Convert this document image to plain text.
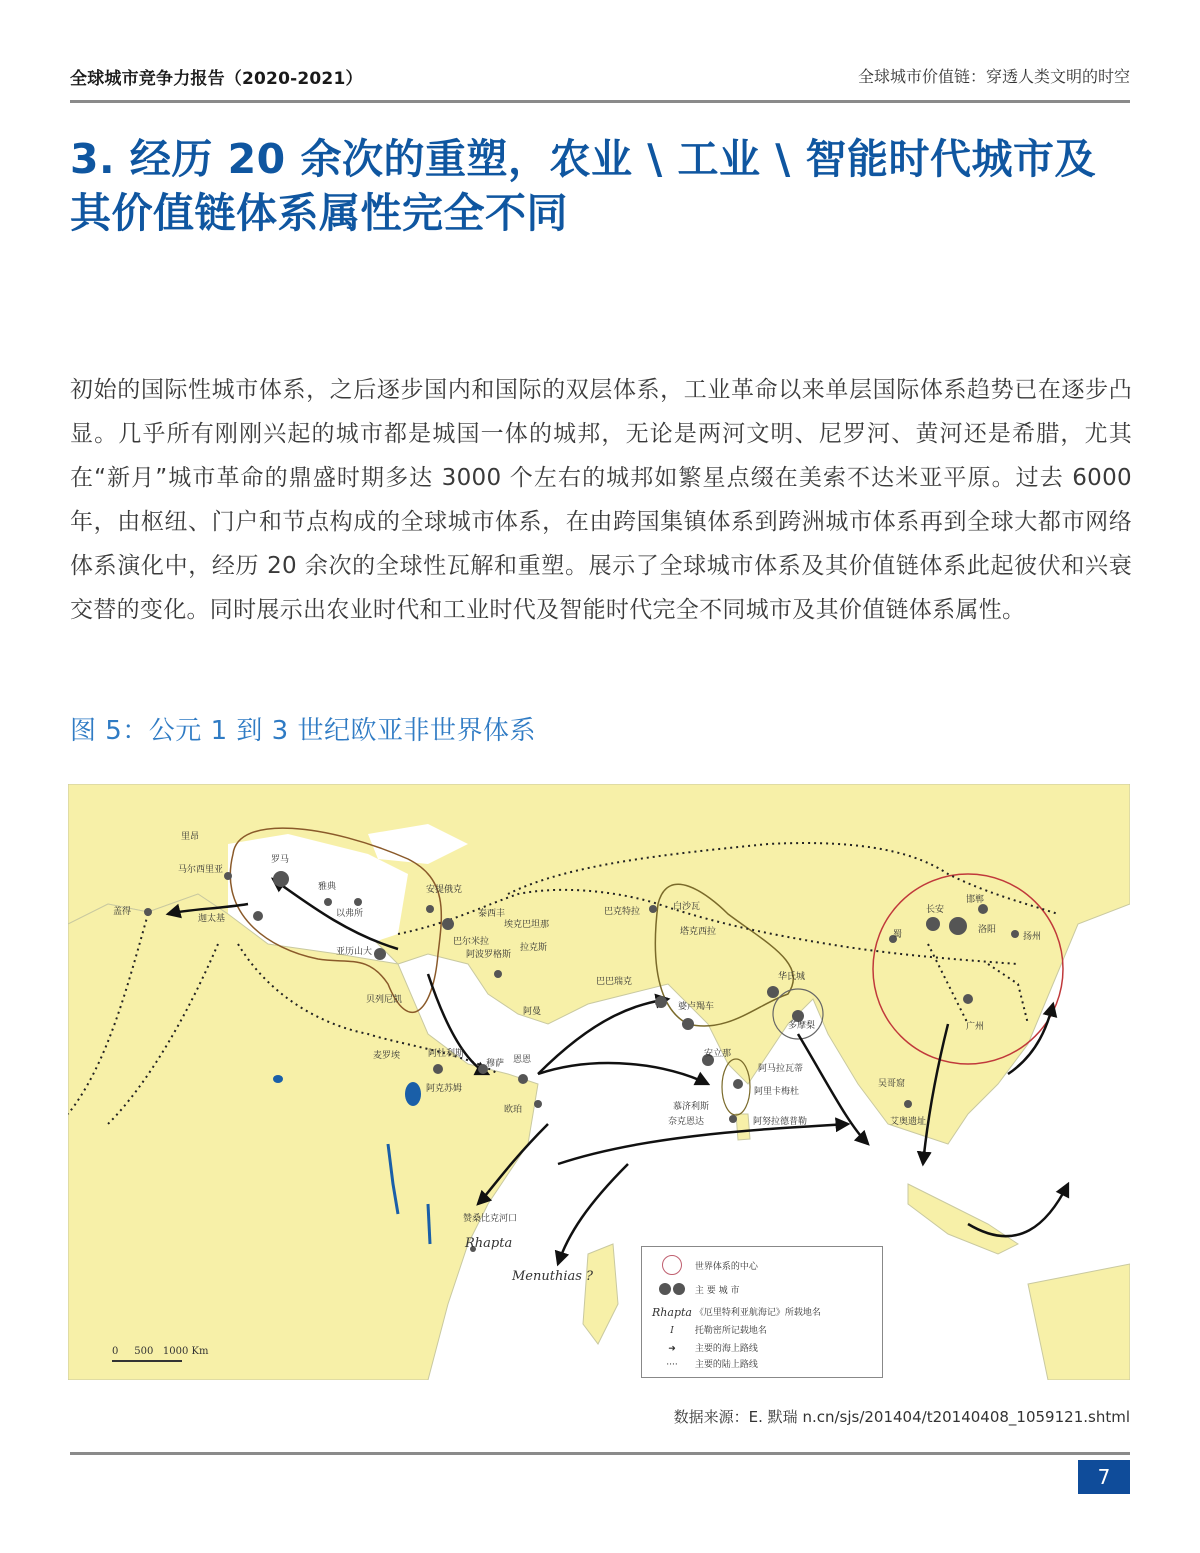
全球城市竞争力报告（2020-2021）	全球城市价值链：穿透人类文明的时空
3. 经历 20 余次的重塑，农业 \ 工业 \ 智能时代城市及
其价值链体系属性完全不同
初始的国际性城市体系，之后逐步国内和国际的双层体系，工业革命以来单层国际体系趋势已在逐步凸显。几乎所有刚刚兴起的城市都是城国一体的城邦，无论是两河文明、尼罗河、黄河还是希腊，尤其在“新月”城市革命的鼎盛时期多达 3000 个左右的城邦如繁星点缀在美索不达米亚平原。过去 6000 年，由枢纽、门户和节点构成的全球城市体系，在由跨国集镇体系到跨洲城市体系再到全球大都市网络体系演化中，经历 20 余次的全球性瓦解和重塑。展示了全球城市体系及其价值链体系此起彼伏和兴衰交替的变化。同时展示出农业时代和工业时代及智能时代完全不同城市及其价值链体系属性。
图 5：公元 1 到 3 世纪欧亚非世界体系
里昂
马尔西里亚
盖得
迦太基
罗马
雅典
以弗所
安提俄克
亚历山大
贝列尼凯
泰西丰
埃克巴坦那
巴尔米拉
阿波罗格斯
拉克斯
阿曼
巴克特拉	白沙瓦
塔克西拉
巴巴瑞克
婆卢羯车
华氏城
多摩梨
安立那
阿马拉瓦蒂
阿里卡梅杜
慕济利斯
奈克恩达	阿努拉德普勒
麦罗埃	阿杜利斯
阿克苏姆
穆萨 恩恩
欧珀
赞桑比克河口
Rhapta
Menuthias ?
长安
邯郸
洛阳
蜀	扬州
广州
吴哥窟
艾奥遗址
0 500 1000 Km
世界体系的中心
主 要 城 市
Rhapta 《厄里特利亚航海记》所载地名
I 托勒密所记载地名
➜ 主要的海上路线
···· 主要的陆上路线
数据来源：E. 默瑞 n.cn/sjs/201404/t20140408_1059121.shtml
7
